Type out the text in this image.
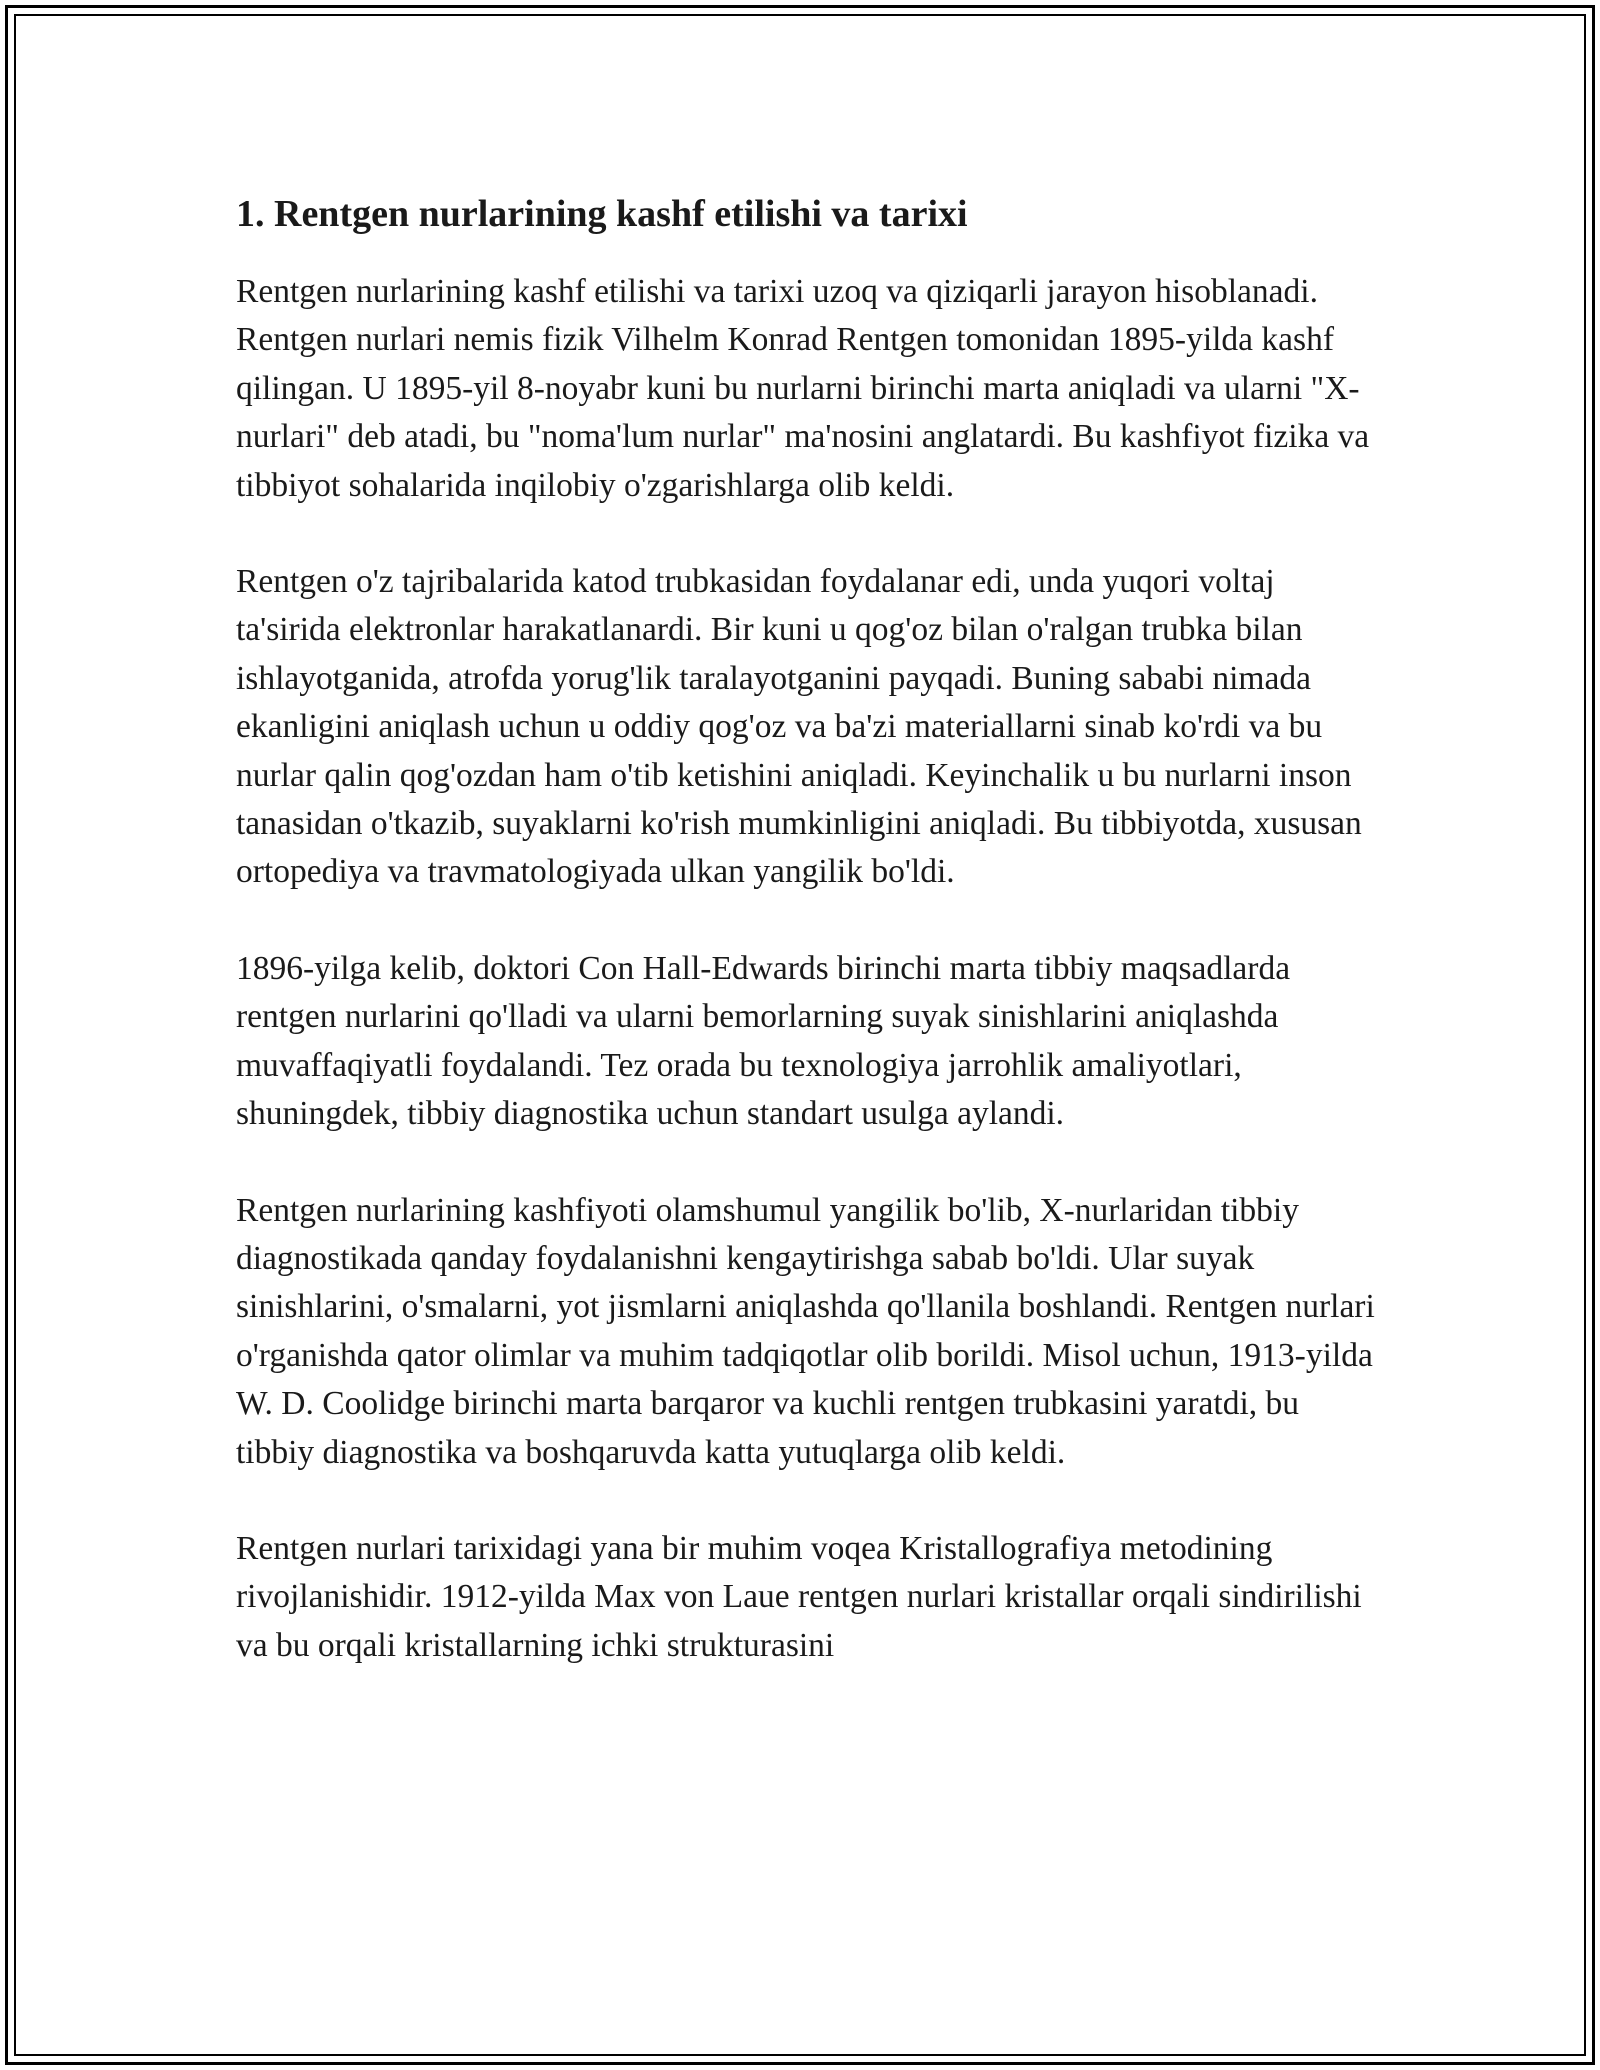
1. Rentgen nurlarining kashf etilishi va tarixi

Rentgen nurlarining kashf etilishi va tarixi uzoq va qiziqarli jarayon hisoblanadi. Rentgen nurlari nemis fizik Vilhelm Konrad Rentgen tomonidan 1895-yilda kashf qilingan. U 1895-yil 8-noyabr kuni bu nurlarni birinchi marta aniqladi va ularni "X-nurlari" deb atadi, bu "noma'lum nurlar" ma'nosini anglatardi. Bu kashfiyot fizika va tibbiyot sohalarida inqilobiy o'zgarishlarga olib keldi.

Rentgen o'z tajribalarida katod trubkasidan foydalanar edi, unda yuqori voltaj ta'sirida elektronlar harakatlanardi. Bir kuni u qog'oz bilan o'ralgan trubka bilan ishlayotganida, atrofda yorug'lik taralayotganini payqadi. Buning sababi nimada ekanligini aniqlash uchun u oddiy qog'oz va ba'zi materiallarni sinab ko'rdi va bu nurlar qalin qog'ozdan ham o'tib ketishini aniqladi. Keyinchalik u bu nurlarni inson tanasidan o'tkazib, suyaklarni ko'rish mumkinligini aniqladi. Bu tibbiyotda, xususan ortopediya va travmatologiyada ulkan yangilik bo'ldi.

1896-yilga kelib, doktori Con Hall-Edwards birinchi marta tibbiy maqsadlarda rentgen nurlarini qo'lladi va ularni bemorlarning suyak sinishlarini aniqlashda muvaffaqiyatli foydalandi. Tez orada bu texnologiya jarrohlik amaliyotlari, shuningdek, tibbiy diagnostika uchun standart usulga aylandi.

Rentgen nurlarining kashfiyoti olamshumul yangilik bo'lib, X-nurlaridan tibbiy diagnostikada qanday foydalanishni kengaytirishga sabab bo'ldi. Ular suyak sinishlarini, o'smalarni, yot jismlarni aniqlashda qo'llanila boshlandi. Rentgen nurlari o'rganishda qator olimlar va muhim tadqiqotlar olib borildi. Misol uchun, 1913-yilda W. D. Coolidge birinchi marta barqaror va kuchli rentgen trubkasini yaratdi, bu tibbiy diagnostika va boshqaruvda katta yutuqlarga olib keldi.

Rentgen nurlari tarixidagi yana bir muhim voqea Kristallografiya metodining rivojlanishidir. 1912-yilda Max von Laue rentgen nurlari kristallar orqali sindirilishi va bu orqali kristallarning ichki strukturasini
